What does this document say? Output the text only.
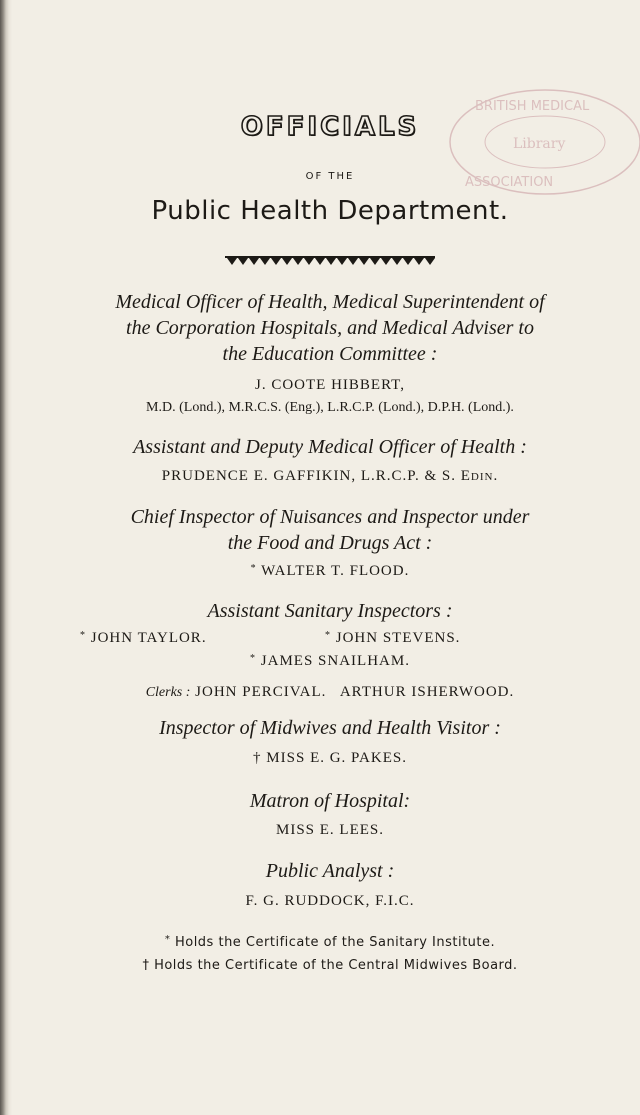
BRITISH MEDICAL
Library
ASSOCIATION
OFFICIALS
OF THE
Public Health Department.
Medical Officer of Health, Medical Superintendent of
the Corporation Hospitals, and Medical Adviser to
the Education Committee :
J. COOTE HIBBERT,
M.D. (Lond.), M.R.C.S. (Eng.), L.R.C.P. (Lond.), D.P.H. (Lond.).
Assistant and Deputy Medical Officer of Health :
PRUDENCE E. GAFFIKIN, L.R.C.P. & S. Edin.
Chief Inspector of Nuisances and Inspector under
the Food and Drugs Act :
* WALTER T. FLOOD.
Assistant Sanitary Inspectors :
* JOHN TAYLOR.	* JOHN STEVENS.
* JAMES SNAILHAM.
Clerks : JOHN PERCIVAL.   ARTHUR ISHERWOOD.
Inspector of Midwives and Health Visitor :
† MISS E. G. PAKES.
Matron of Hospital:
MISS E. LEES.
Public Analyst :
F. G. RUDDOCK, F.I.C.
* Holds the Certificate of the Sanitary Institute.
† Holds the Certificate of the Central Midwives Board.
